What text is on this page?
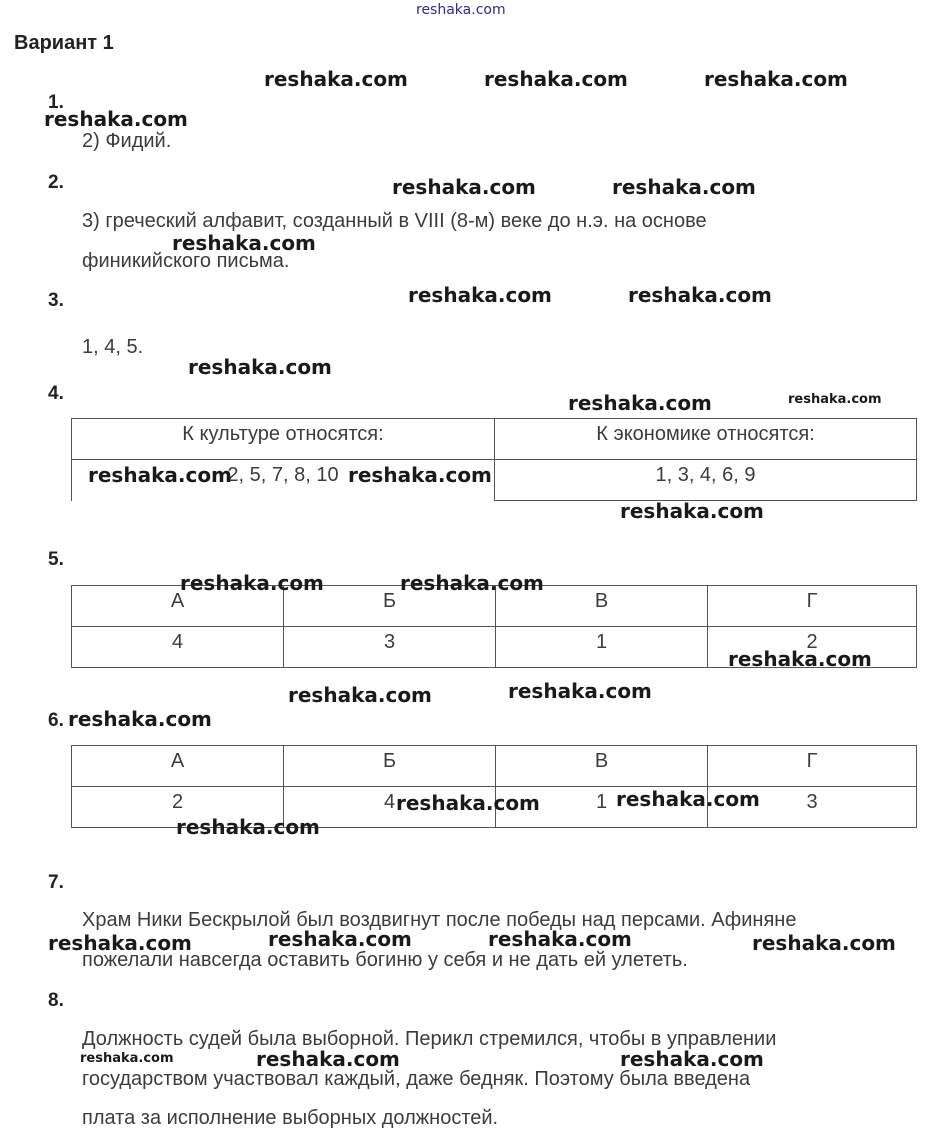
reshaka.com
Вариант 1
1.
2) Фидий.
2.
3) греческий алфавит, созданный в VIII (8-м) веке до н.э. на основе
финикийского письма.
3.
1, 4, 5.
4.
К культуре относятся:	К экономике относятся:
2, 5, 7, 8, 10	1, 3, 4, 6, 9
5.
А	Б	В	Г
4	3	1	2
6.
А	Б	В	Г
2	4	1	3
7.
Храм Ники Бескрылой был воздвигнут после победы над персами. Афиняне
пожелали навсегда оставить богиню у себя и не дать ей улететь.
8.
Должность судей была выборной. Перикл стремился, чтобы в управлении
государством участвовал каждый, даже бедняк. Поэтому была введена
плата за исполнение выборных должностей.
reshaka.com	reshaka.com	reshaka.com
reshaka.com
reshaka.com	reshaka.com
reshaka.com
reshaka.com	reshaka.com
reshaka.com
reshaka.com	reshaka.com
reshaka.com	reshaka.com
reshaka.com
reshaka.com	reshaka.com
reshaka.com
reshaka.com	reshaka.com
reshaka.com
reshaka.com	reshaka.com
reshaka.com
reshaka.com	reshaka.com	reshaka.com	reshaka.com
reshaka.com	reshaka.com	reshaka.com
